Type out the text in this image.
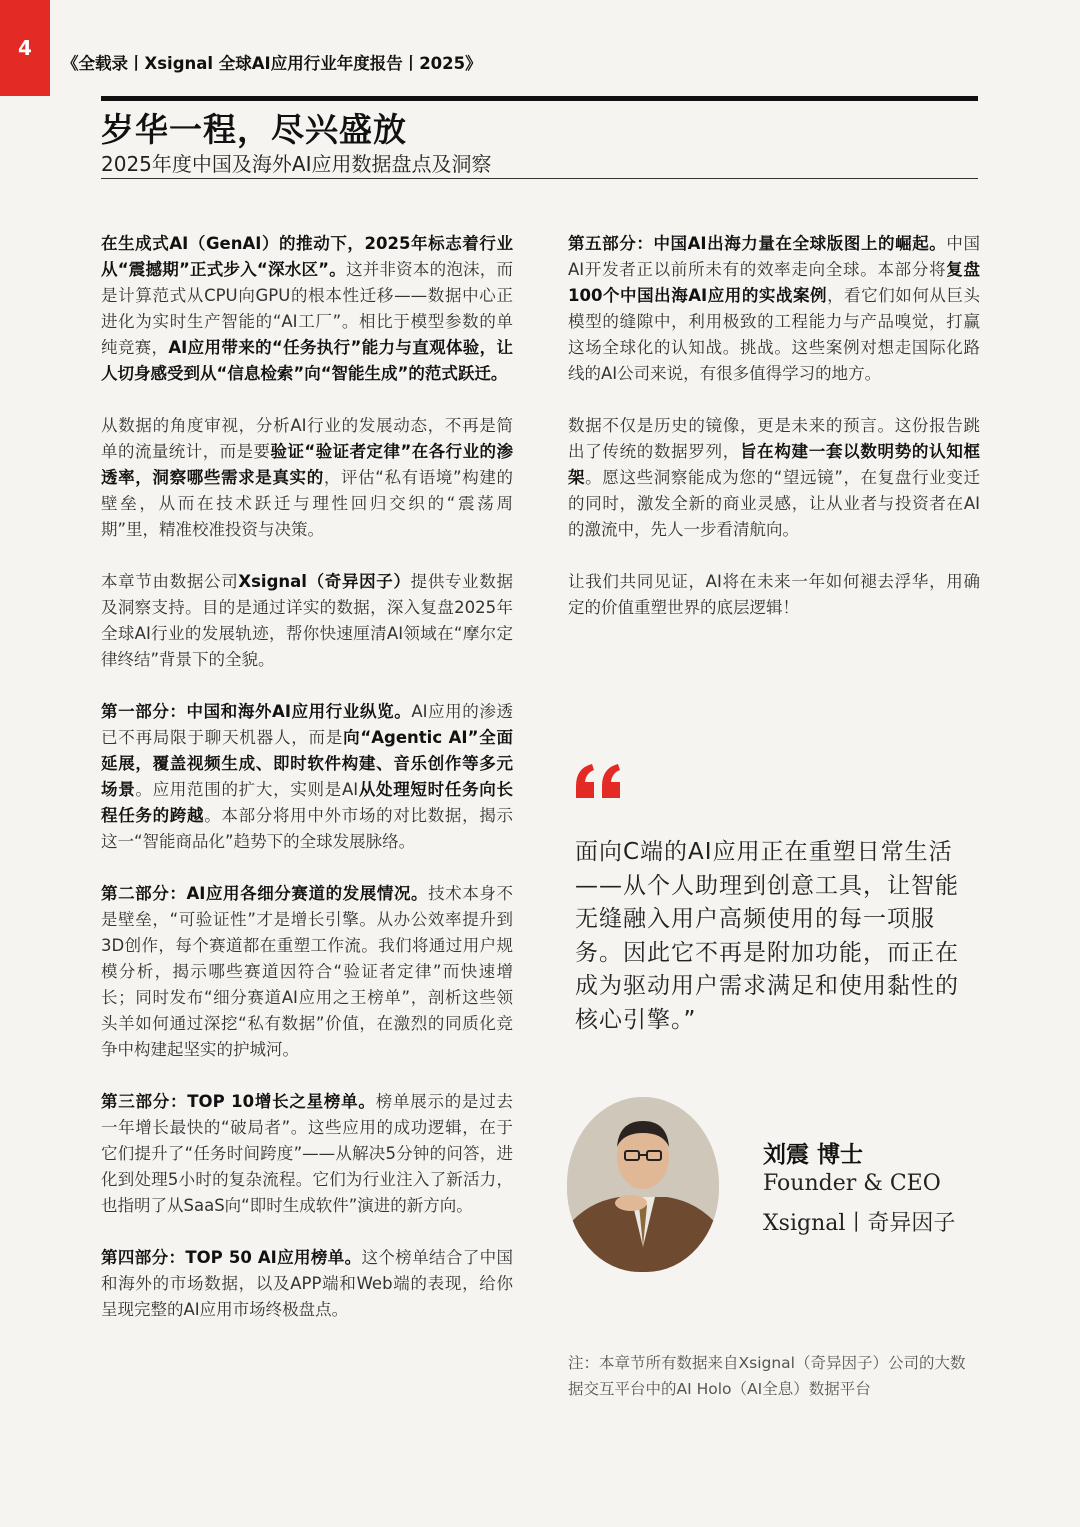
4
《全载录丨Xsignal 全球AI应用行业年度报告丨2025》
岁华一程，尽兴盛放
2025年度中国及海外AI应用数据盘点及洞察

在生成式AI（GenAI）的推动下，2025年标志着行业从“震撼期”正式步入“深水区”。这并非资本的泡沫，而是计算范式从CPU向GPU的根本性迁移——数据中心正进化为实时生产智能的“AI工厂”。相比于模型参数的单纯竞赛，AI应用带来的“任务执行”能力与直观体验，让人切身感受到从“信息检索”向“智能生成”的范式跃迁。

从数据的角度审视，分析AI行业的发展动态，不再是简单的流量统计，而是要验证“验证者定律”在各行业的渗透率，洞察哪些需求是真实的，评估“私有语境”构建的壁垒，从而在技术跃迁与理性回归交织的“震荡周期”里，精准校准投资与决策。

本章节由数据公司Xsignal（奇异因子）提供专业数据及洞察支持。目的是通过详实的数据，深入复盘2025年全球AI行业的发展轨迹，帮你快速厘清AI领域在“摩尔定律终结”背景下的全貌。

第一部分：中国和海外AI应用行业纵览。AI应用的渗透已不再局限于聊天机器人，而是向“Agentic AI”全面延展，覆盖视频生成、即时软件构建、音乐创作等多元场景。应用范围的扩大，实则是AI从处理短时任务向长程任务的跨越。本部分将用中外市场的对比数据，揭示这一“智能商品化”趋势下的全球发展脉络。

第二部分：AI应用各细分赛道的发展情况。技术本身不是壁垒，“可验证性”才是增长引擎。从办公效率提升到3D创作，每个赛道都在重塑工作流。我们将通过用户规模分析，揭示哪些赛道因符合“验证者定律”而快速增长；同时发布“细分赛道AI应用之王榜单”，剖析这些领头羊如何通过深挖“私有数据”价值，在激烈的同质化竞争中构建起坚实的护城河。

第三部分：TOP 10增长之星榜单。榜单展示的是过去一年增长最快的“破局者”。这些应用的成功逻辑，在于它们提升了“任务时间跨度”——从解决5分钟的问答，进化到处理5小时的复杂流程。它们为行业注入了新活力，也指明了从SaaS向“即时生成软件”演进的新方向。

第四部分：TOP 50 AI应用榜单。这个榜单结合了中国和海外的市场数据，以及APP端和Web端的表现，给你呈现完整的AI应用市场终极盘点。

第五部分：中国AI出海力量在全球版图上的崛起。中国AI开发者正以前所未有的效率走向全球。本部分将复盘100个中国出海AI应用的实战案例，看它们如何从巨头模型的缝隙中，利用极致的工程能力与产品嗅觉，打赢这场全球化的认知战。挑战。这些案例对想走国际化路线的AI公司来说，有很多值得学习的地方。

数据不仅是历史的镜像，更是未来的预言。这份报告跳出了传统的数据罗列，旨在构建一套以数明势的认知框架。愿这些洞察能成为您的“望远镜”，在复盘行业变迁的同时，激发全新的商业灵感，让从业者与投资者在AI的激流中，先人一步看清航向。

让我们共同见证，AI将在未来一年如何褪去浮华，用确定的价值重塑世界的底层逻辑！

面向C端的AI应用正在重塑日常生活——从个人助理到创意工具，让智能无缝融入用户高频使用的每一项服务。因此它不再是附加功能，而正在成为驱动用户需求满足和使用黏性的核心引擎。”
刘震 博士
Founder & CEO
Xsignal丨奇异因子
注：本章节所有数据来自Xsignal（奇异因子）公司的大数据交互平台中的AI Holo（AI全息）数据平台
